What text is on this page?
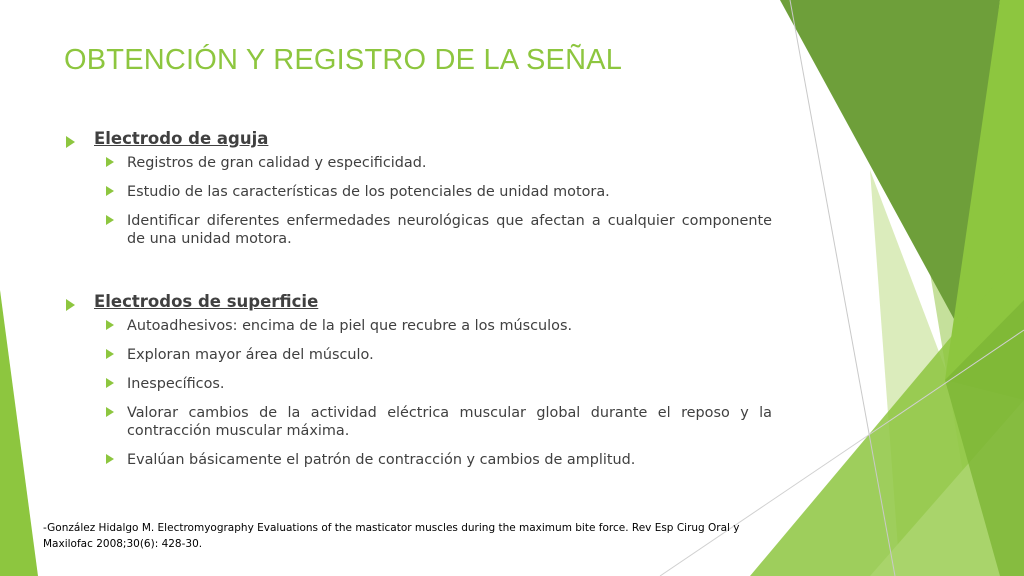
OBTENCIÓN Y REGISTRO DE LA SEÑAL
Electrodo de aguja
Registros de gran calidad y especificidad.
Estudio de las características de los potenciales de unidad motora.
Identificar diferentes enfermedades neurológicas que afectan a cualquier componente de una unidad motora.
Electrodos de superficie
Autoadhesivos: encima de la piel que recubre a los músculos.
Exploran mayor área del músculo.
Inespecíficos.
Valorar cambios de la actividad eléctrica muscular global durante el reposo y la contracción muscular máxima.
Evalúan básicamente el patrón de contracción y cambios de amplitud.
-González Hidalgo M. Electromyography Evaluations of the masticator muscles during the maximum bite force. Rev Esp Cirug Oral y Maxilofac 2008;30(6): 428-30.
